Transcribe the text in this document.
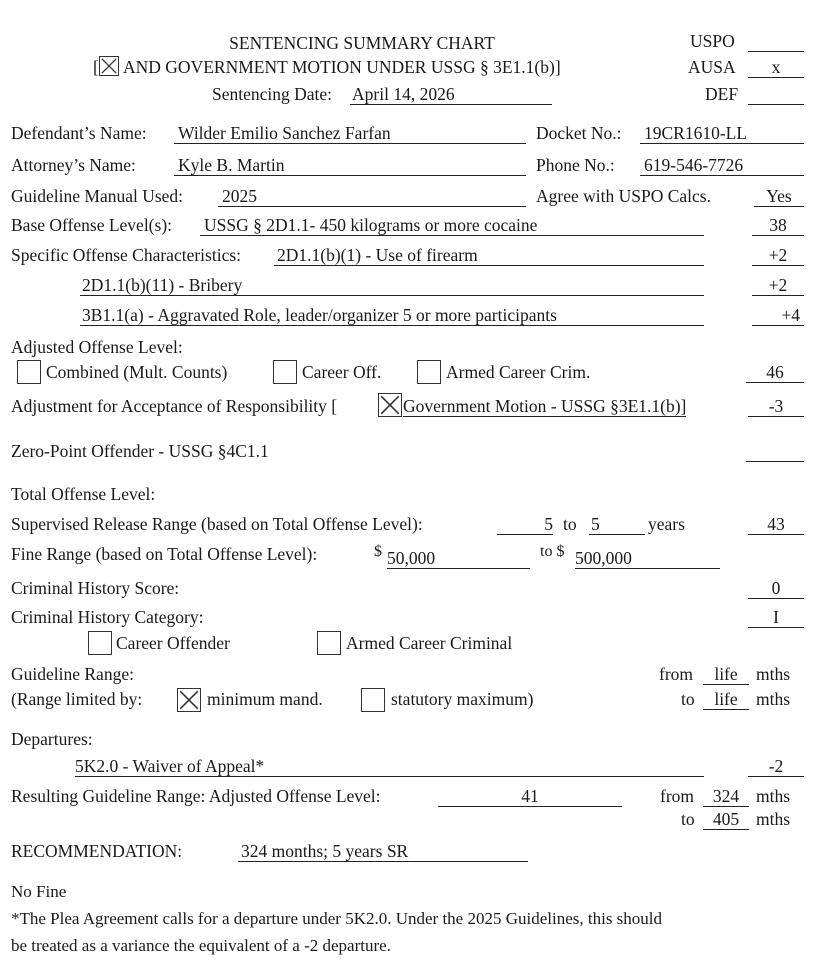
SENTENCING SUMMARY CHART
[ AND GOVERNMENT MOTION UNDER USSG § 3E1.1(b)]
Sentencing Date: April 14, 2026
USPO
AUSA	x
DEF
Defendant’s Name: Wilder Emilio Sanchez Farfan	Docket No.: 19CR1610-LL
Attorney’s Name: Kyle B. Martin	Phone No.: 619-546-7726
Guideline Manual Used: 2025	Agree with USPO Calcs.	Yes
Base Offense Level(s): USSG § 2D1.1- 450 kilograms or more cocaine	38
Specific Offense Characteristics: 2D1.1(b)(1) - Use of firearm	+2
2D1.1(b)(11) - Bribery	+2
3B1.1(a) - Aggravated Role, leader/organizer 5 or more participants	+4
Adjusted Offense Level:
Combined (Mult. Counts)	Career Off.	Armed Career Crim.	46
Adjustment for Acceptance of Responsibility [	Government Motion - USSG §3E1.1(b)]	-3
Zero-Point Offender - USSG §4C1.1
Total Offense Level:
Supervised Release Range (based on Total Offense Level):	5 to 5	years	43
Fine Range (based on Total Offense Level):	$ 50,000	to $ 500,000
Criminal History Score:	0
Criminal History Category:	I
Career Offender	Armed Career Criminal
Guideline Range:
(Range limited by:	minimum mand.	statutory maximum)
from	life	mths
to	life	mths
Departures:
5K2.0 - Waiver of Appeal*	-2
Resulting Guideline Range: Adjusted Offense Level:	41	from	324 mths
to	405 mths
RECOMMENDATION:	324 months; 5 years SR
No Fine
*The Plea Agreement calls for a departure under 5K2.0. Under the 2025 Guidelines, this should
be treated as a variance the equivalent of a -2 departure.
